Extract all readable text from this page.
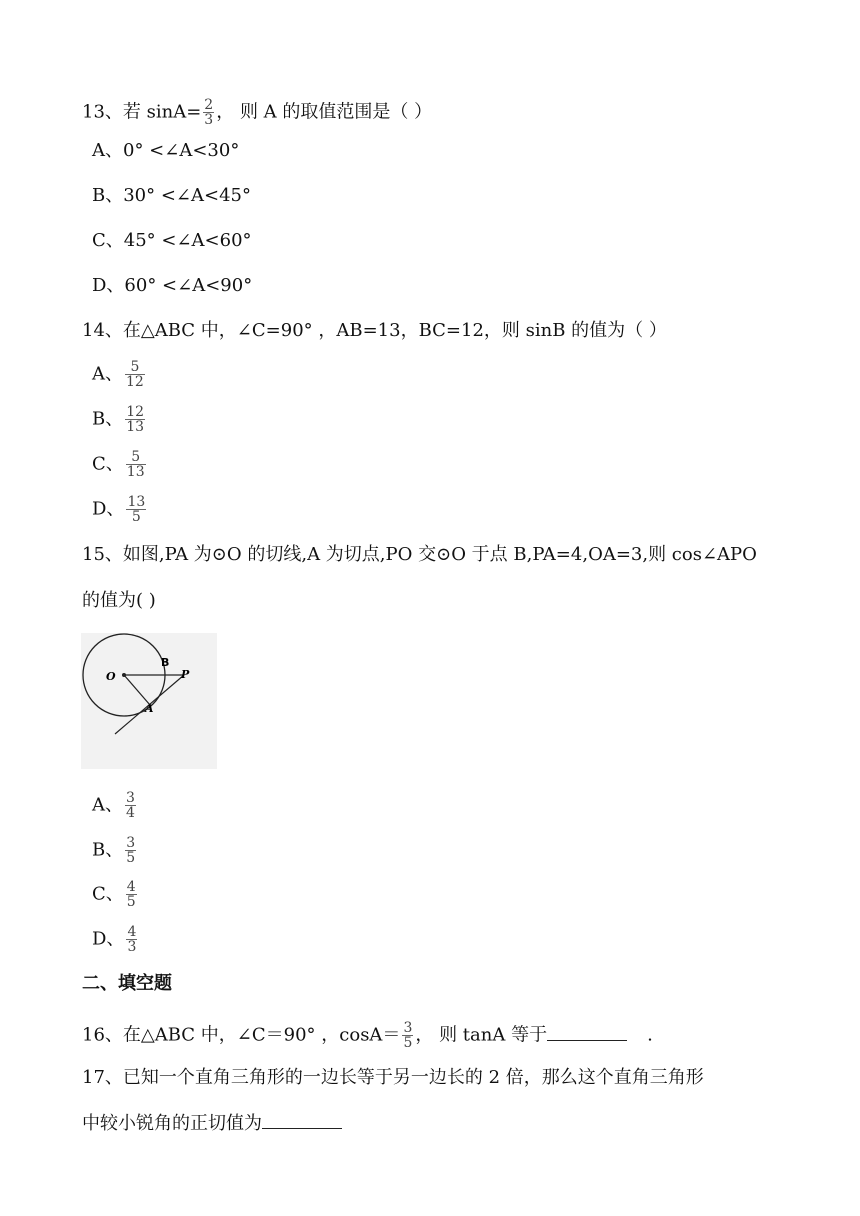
13、若 $\sin A= \frac{2}{3}$ ， 则 A 的取值范围是（ ）
A、0° <∠A<30°
B、30° <∠A<45°
C、45° <∠A<60°
D、60° <∠A<90°
14、在△ABC 中，∠C=90° ，AB=13，BC=12，则 sinB 的值为（ ）
A、 $\frac{5}{12}$
B、 $\frac{12}{13}$
C、 $\frac{5}{13}$
D、 $\frac{13}{5}$
15、如图,PA 为⊙O 的切线,A 为切点,PO 交⊙O 于点 B,PA=4,OA=3,则 cos∠APO
的值为( )
O
B
P
A
A、 $\frac{3}{4}$
B、 $\frac{3}{5}$
C、 $\frac{4}{5}$
D、 $\frac{4}{3}$
二、填空题
16、在△ABC 中，∠C＝90° ，$\cos A= \frac{3}{5}$ ， 则 tanA 等于	.
17、已知一个直角三角形的一边长等于另一边长的 2 倍，那么这个直角三角形
中较小锐角的正切值为
